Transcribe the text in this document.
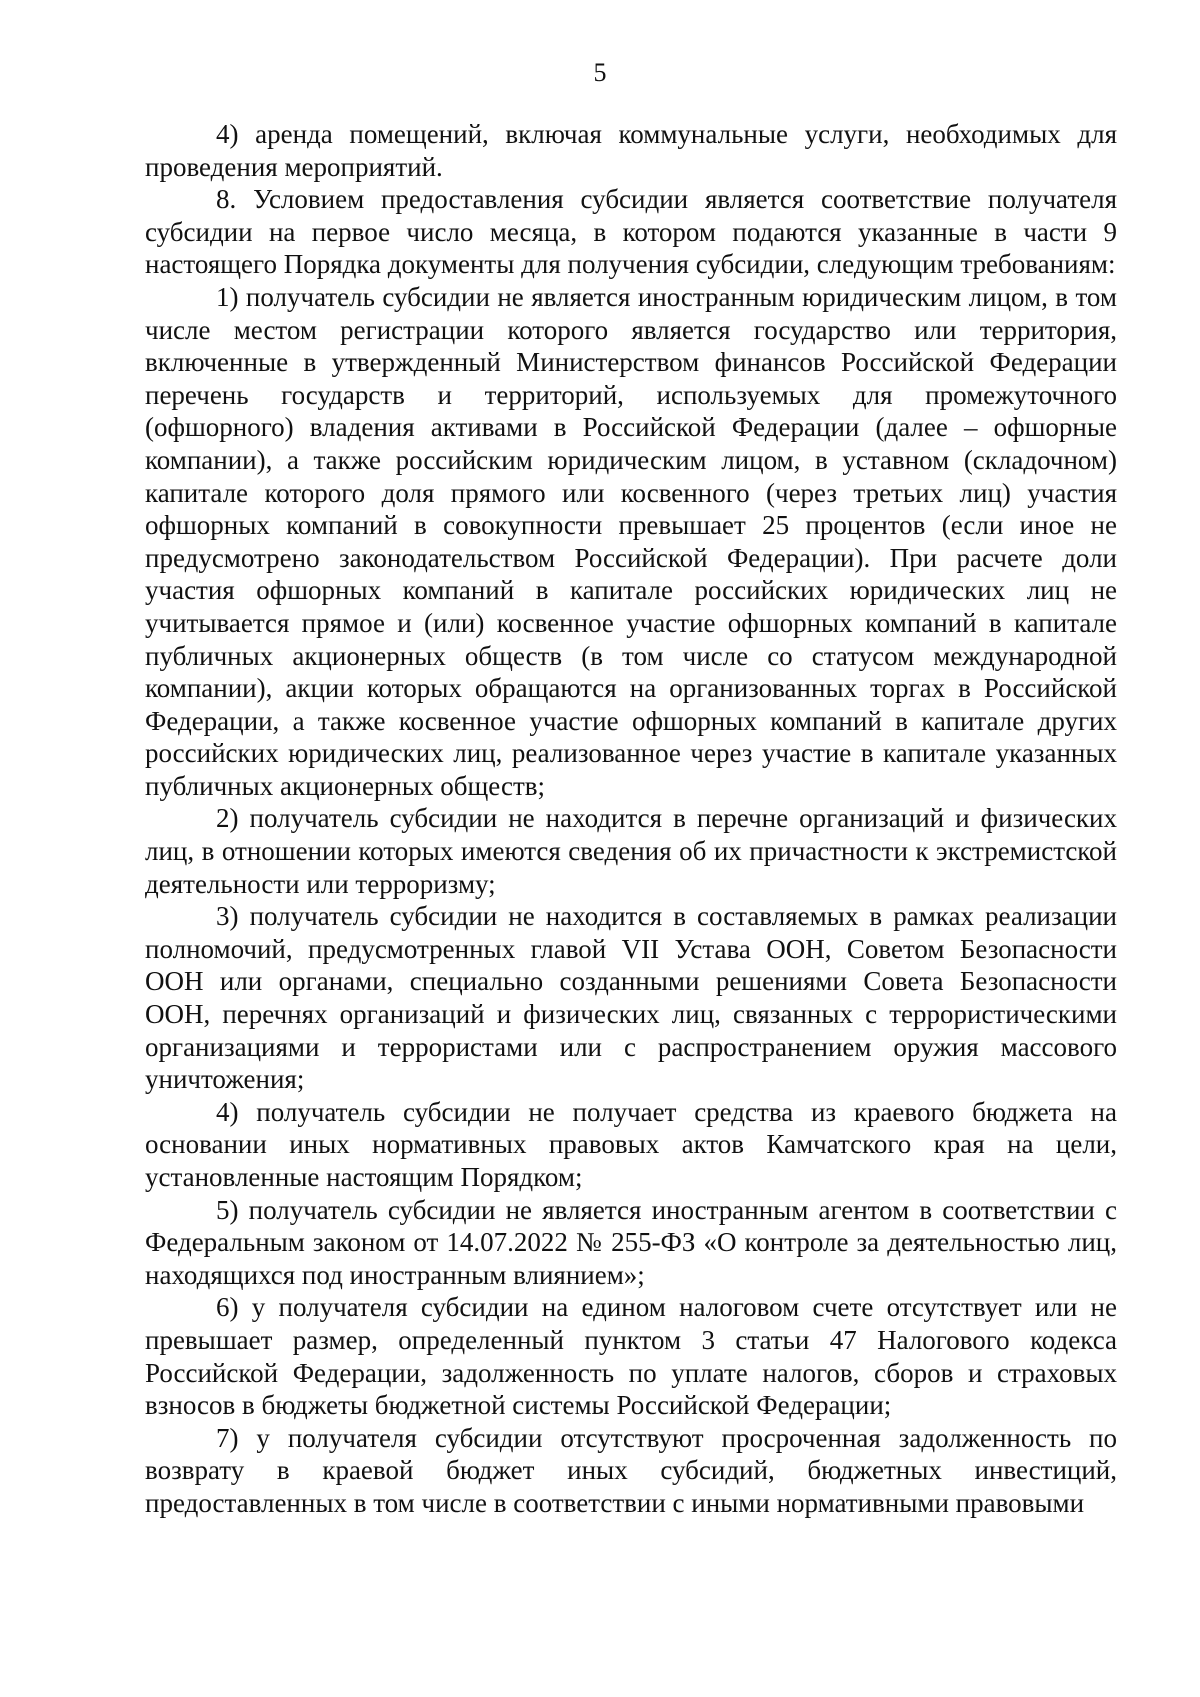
5

4) аренда помещений, включая коммунальные услуги, необходимых для проведения мероприятий.

8. Условием предоставления субсидии является соответствие получателя субсидии на первое число месяца, в котором подаются указанные в части 9 настоящего Порядка документы для получения субсидии, следующим требованиям:

1) получатель субсидии не является иностранным юридическим лицом, в том числе местом регистрации которого является государство или территория, включенные в утвержденный Министерством финансов Российской Федерации перечень государств и территорий, используемых для промежуточного (офшорного) владения активами в Российской Федерации (далее – офшорные компании), а также российским юридическим лицом, в уставном (складочном) капитале которого доля прямого или косвенного (через третьих лиц) участия офшорных компаний в совокупности превышает 25 процентов (если иное не предусмотрено законодательством Российской Федерации). При расчете доли участия офшорных компаний в капитале российских юридических лиц не учитывается прямое и (или) косвенное участие офшорных компаний в капитале публичных акционерных обществ (в том числе со статусом международной компании), акции которых обращаются на организованных торгах в Российской Федерации, а также косвенное участие офшорных компаний в капитале других российских юридических лиц, реализованное через участие в капитале указанных публичных акционерных обществ;

2) получатель субсидии не находится в перечне организаций и физических лиц, в отношении которых имеются сведения об их причастности к экстремистской деятельности или терроризму;

3) получатель субсидии не находится в составляемых в рамках реализации полномочий, предусмотренных главой VII Устава ООН, Советом Безопасности ООН или органами, специально созданными решениями Совета Безопасности ООН, перечнях организаций и физических лиц, связанных с террористическими организациями и террористами или с распространением оружия массового уничтожения;

4) получатель субсидии не получает средства из краевого бюджета на основании иных нормативных правовых актов Камчатского края на цели, установленные настоящим Порядком;

5) получатель субсидии не является иностранным агентом в соответствии с Федеральным законом от 14.07.2022 № 255-ФЗ «О контроле за деятельностью лиц, находящихся под иностранным влиянием»;

6) у получателя субсидии на едином налоговом счете отсутствует или не превышает размер, определенный пунктом 3 статьи 47 Налогового кодекса Российской Федерации, задолженность по уплате налогов, сборов и страховых взносов в бюджеты бюджетной системы Российской Федерации;

7) у получателя субсидии отсутствуют просроченная задолженность по возврату в краевой бюджет иных субсидий, бюджетных инвестиций, предоставленных в том числе в соответствии с иными нормативными правовыми
